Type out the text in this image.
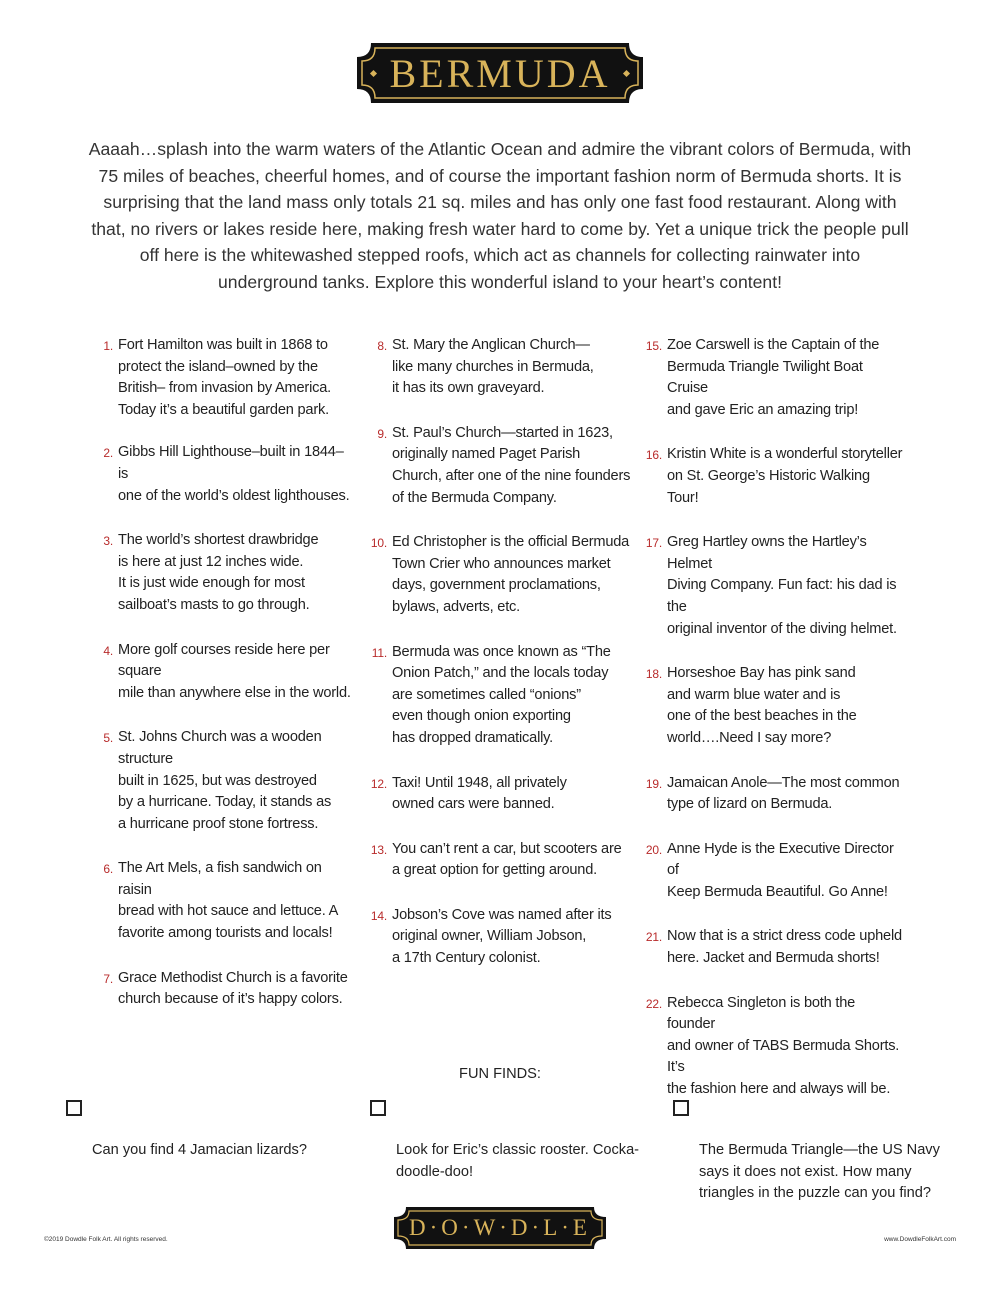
BERMUDA
Aaaah…splash into the warm waters of the Atlantic Ocean and admire the vibrant colors of Bermuda, with 75 miles of beaches, cheerful homes, and of course the important fashion norm of Bermuda shorts. It is surprising that the land mass only totals 21 sq. miles and has only one fast food restaurant. Along with that, no rivers or lakes reside here, making fresh water hard to come by. Yet a unique trick the people pull off here is the whitewashed stepped roofs, which act as channels for collecting rainwater into underground tanks. Explore this wonderful island to your heart’s content!
1. Fort Hamilton was built in 1868 to
protect the island–owned by the
British– from invasion by America.
Today it’s a beautiful garden park.
2. Gibbs Hill Lighthouse–built in 1844– is
one of the world’s oldest lighthouses.
3. The world’s shortest drawbridge
is here at just 12 inches wide.
It is just wide enough for most
sailboat’s masts to go through.
4. More golf courses reside here per square
mile than anywhere else in the world.
5. St. Johns Church was a wooden structure
built in 1625, but was destroyed
by a hurricane. Today, it stands as
a hurricane proof stone fortress.
6. The Art Mels, a fish sandwich on raisin
bread with hot sauce and lettuce. A
favorite among tourists and locals!
7. Grace Methodist Church is a favorite
church because of it’s happy colors.
8. St. Mary the Anglican Church—
like many churches in Bermuda,
it has its own graveyard.
9. St. Paul’s Church—started in 1623,
originally named Paget Parish
Church, after one of the nine founders
of the Bermuda Company.
10. Ed Christopher is the official Bermuda
Town Crier who announces market
days, government proclamations,
bylaws, adverts, etc.
11. Bermuda was once known as “The
Onion Patch,” and the locals today
are sometimes called “onions”
even though onion exporting
has dropped dramatically.
12. Taxi! Until 1948, all privately
owned cars were banned.
13. You can’t rent a car, but scooters are
a great option for getting around.
14. Jobson’s Cove was named after its
original owner, William Jobson,
a 17th Century colonist.
15. Zoe Carswell is the Captain of the
Bermuda Triangle Twilight Boat Cruise
and gave Eric an amazing trip!
16. Kristin White is a wonderful storyteller
on St. George’s Historic Walking Tour!
17. Greg Hartley owns the Hartley’s Helmet
Diving Company. Fun fact: his dad is the
original inventor of the diving helmet.
18. Horseshoe Bay has pink sand
and warm blue water and is
one of the best beaches in the
world….Need I say more?
19. Jamaican Anole—The most common
type of lizard on Bermuda.
20. Anne Hyde is the Executive Director of
Keep Bermuda Beautiful. Go Anne!
21. Now that is a strict dress code upheld
here. Jacket and Bermuda shorts!
22. Rebecca Singleton is both the founder
and owner of TABS Bermuda Shorts. It’s
the fashion here and always will be.
FUN FINDS:

Can you find 4 Jamacian lizards?	Look for Eric’s classic rooster. Cocka-
doodle-doo!

The Bermuda Triangle—the US Navy
says it does not exist. How many
triangles in the puzzle can you find?

©2019 Dowdle Folk Art. All rights reserved.	D·O·W·D·L·E	www.DowdleFolkArt.com
